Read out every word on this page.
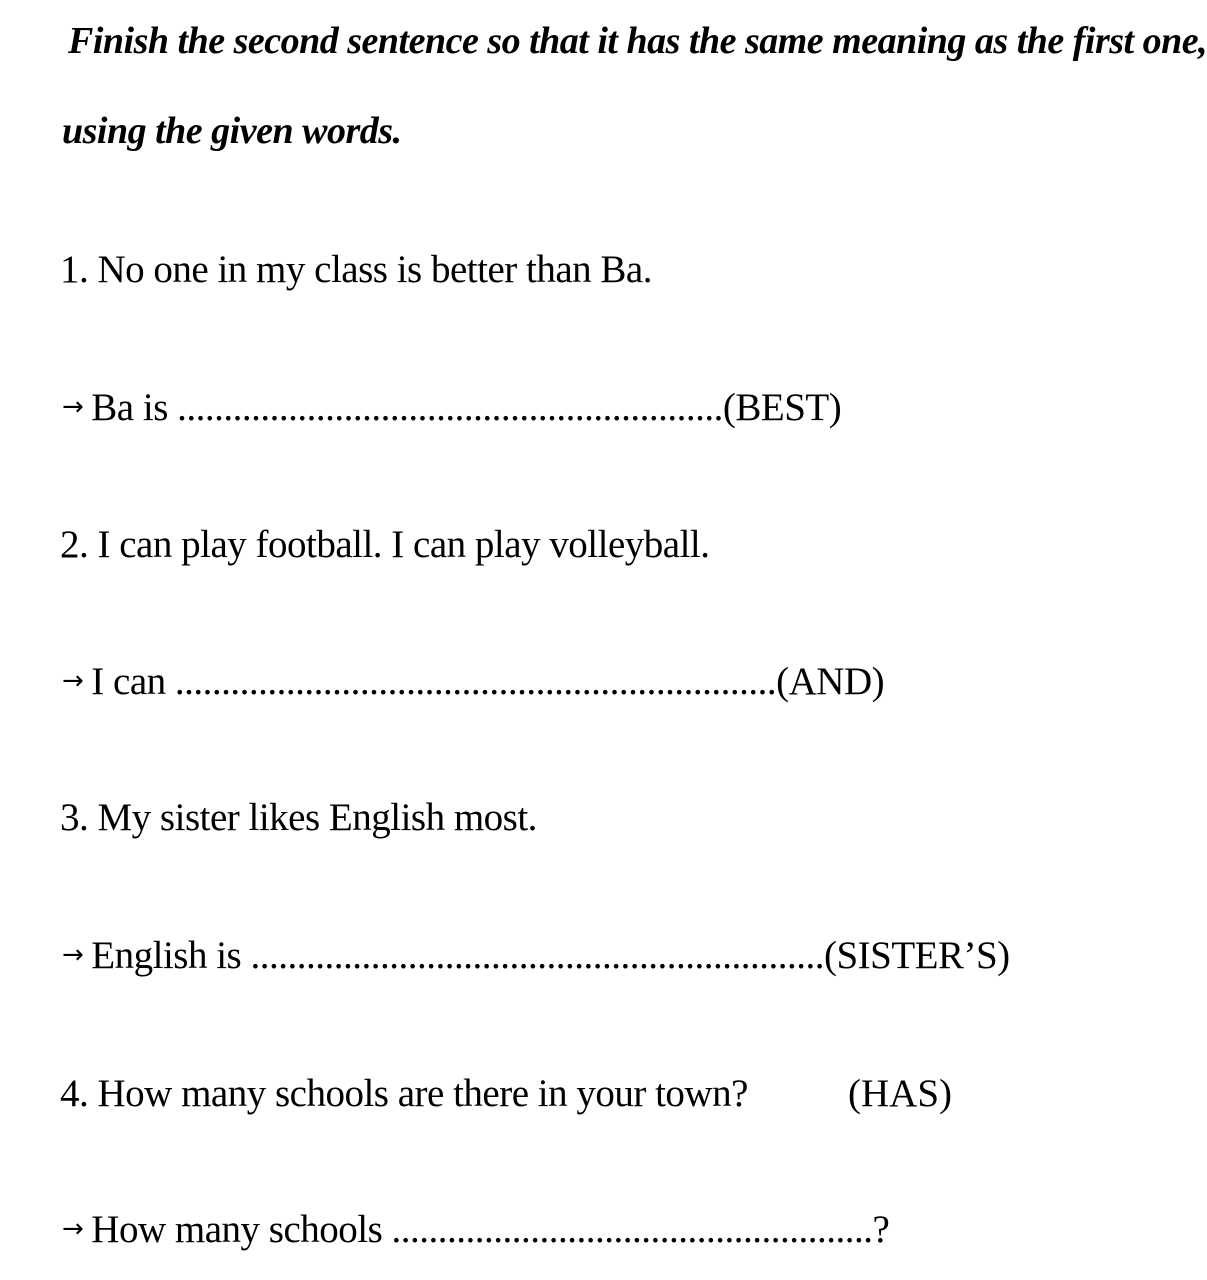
Finish the second sentence so that it has the same meaning as the first one,
using the given words.
1. No one in my class is better than Ba.
→ Ba is ...........................................................(BEST)
2. I can play football. I can play volleyball.
→ I can .................................................................(AND)
3. My sister likes English most.
→ English is ..............................................................(SISTER’S)
4. How many schools are there in your town?	(HAS)
→ How many schools ....................................................?
